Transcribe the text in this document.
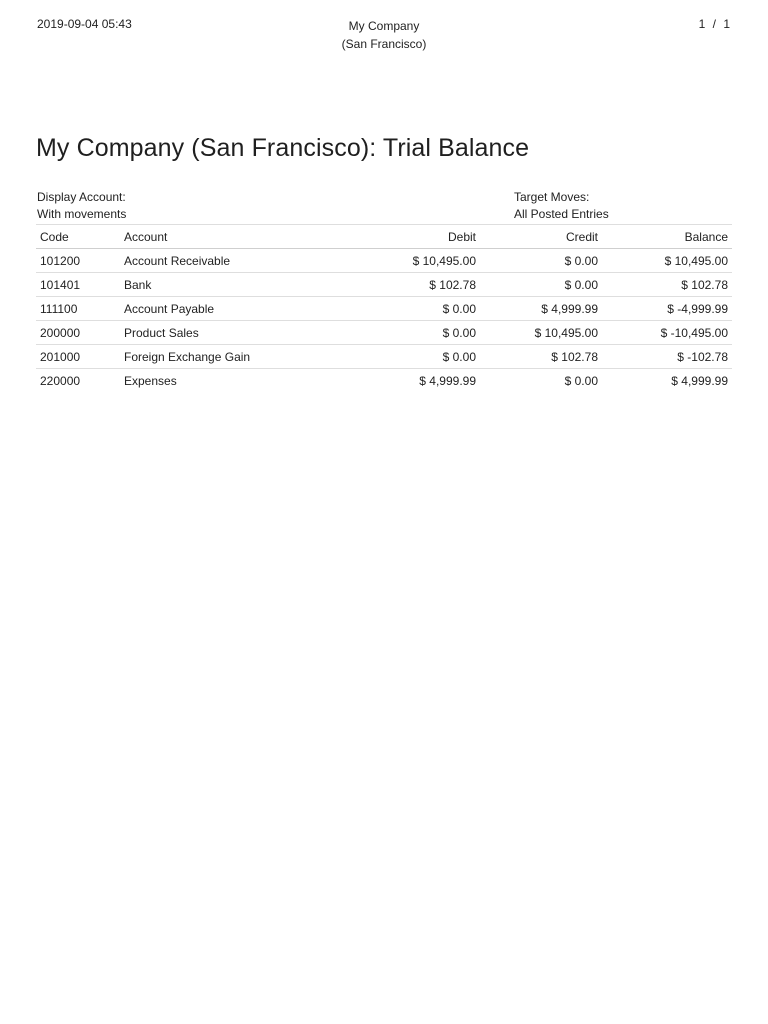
2019-09-04 05:43	My Company
(San Francisco)
1 / 1
My Company (San Francisco): Trial Balance
Display Account:
With movements
Target Moves:
All Posted Entries
Code	Account	Debit	Credit	Balance
101200	Account Receivable	$ 10,495.00	$ 0.00	$ 10,495.00
101401	Bank	$ 102.78	$ 0.00	$ 102.78
111100	Account Payable	$ 0.00	$ 4,999.99	$ -4,999.99
200000	Product Sales	$ 0.00	$ 10,495.00	$ -10,495.00
201000	Foreign Exchange Gain	$ 0.00	$ 102.78	$ -102.78
220000	Expenses	$ 4,999.99	$ 0.00	$ 4,999.99
